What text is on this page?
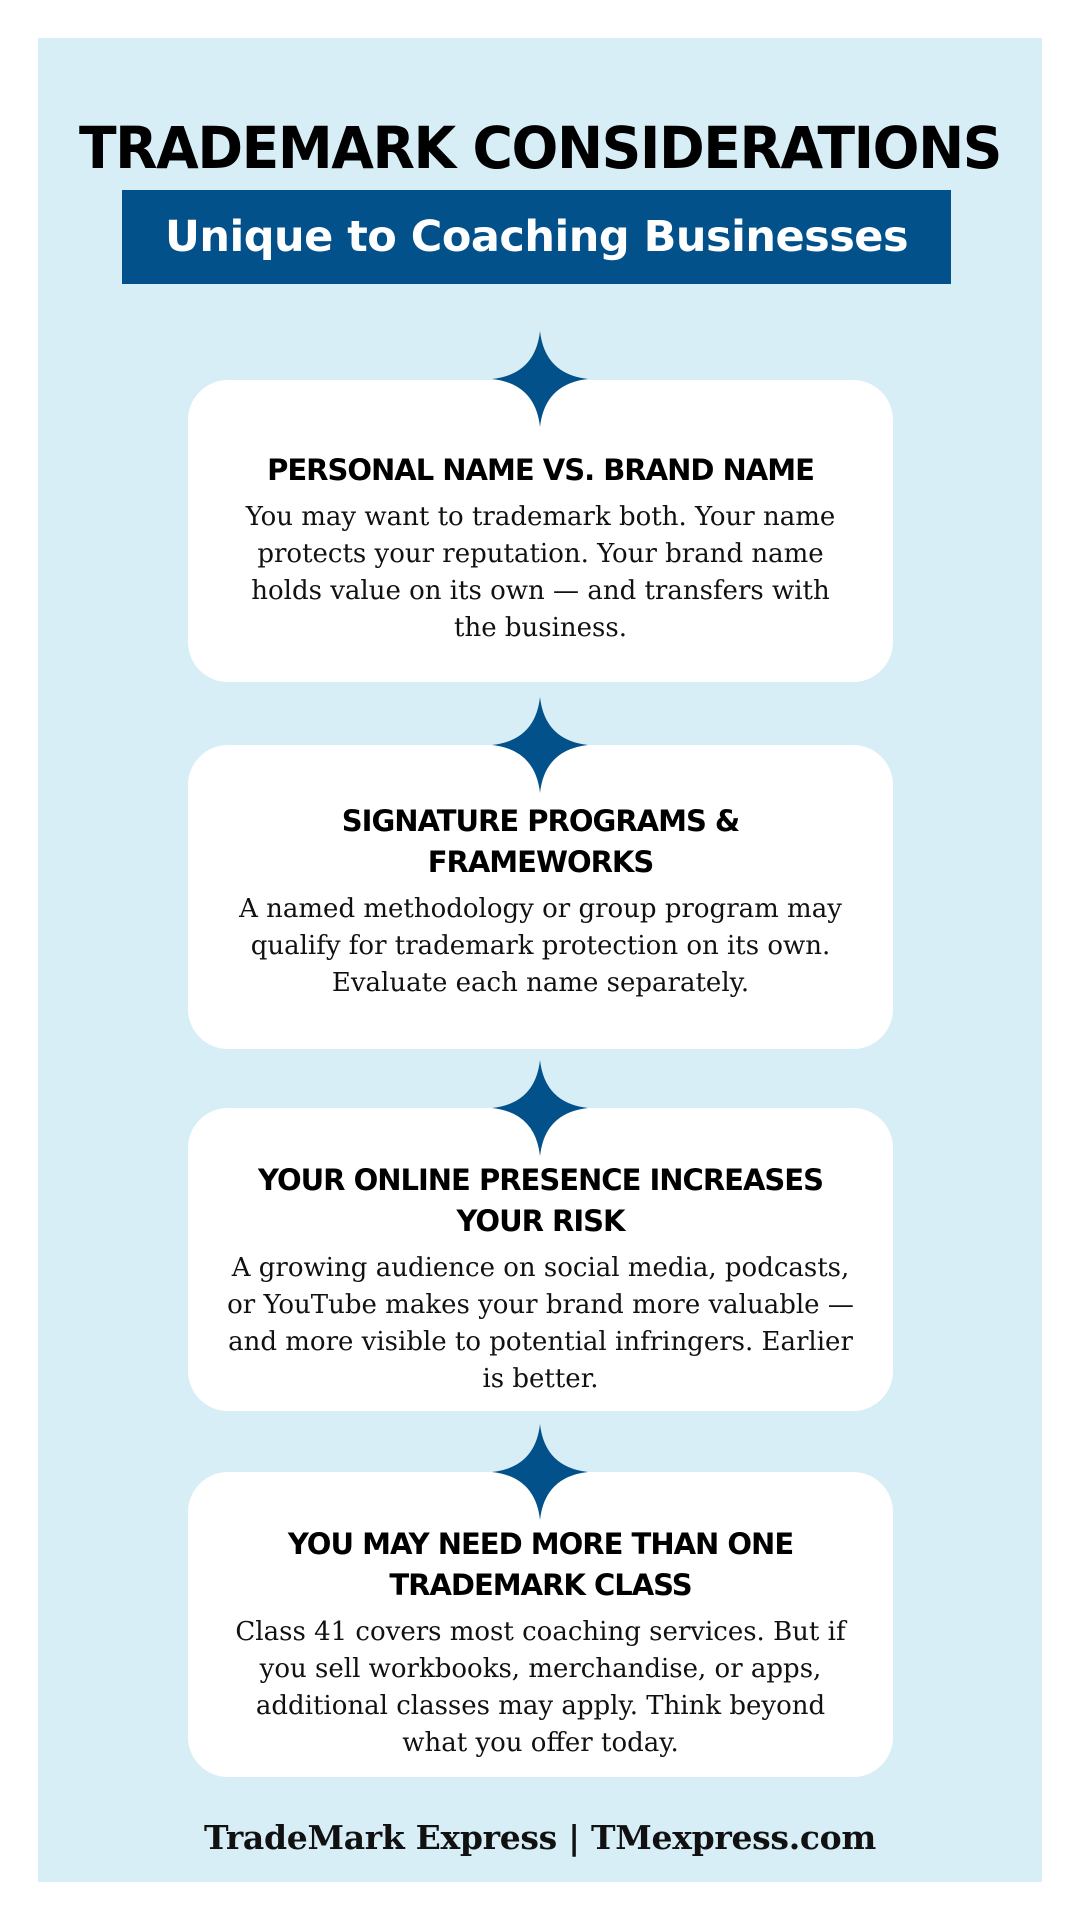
TRADEMARK CONSIDERATIONS
Unique to Coaching Businesses
PERSONAL NAME VS. BRAND NAME

You may want to trademark both. Your name protects your reputation. Your brand name holds value on its own — and transfers with the business.

SIGNATURE PROGRAMS & FRAMEWORKS

A named methodology or group program may qualify for trademark protection on its own. Evaluate each name separately.

YOUR ONLINE PRESENCE INCREASES YOUR RISK

A growing audience on social media, podcasts, or YouTube makes your brand more valuable — and more visible to potential infringers. Earlier is better.

YOU MAY NEED MORE THAN ONE TRADEMARK CLASS

Class 41 covers most coaching services. But if you sell workbooks, merchandise, or apps, additional classes may apply. Think beyond what you offer today.

TradeMark Express | TMexpress.com
